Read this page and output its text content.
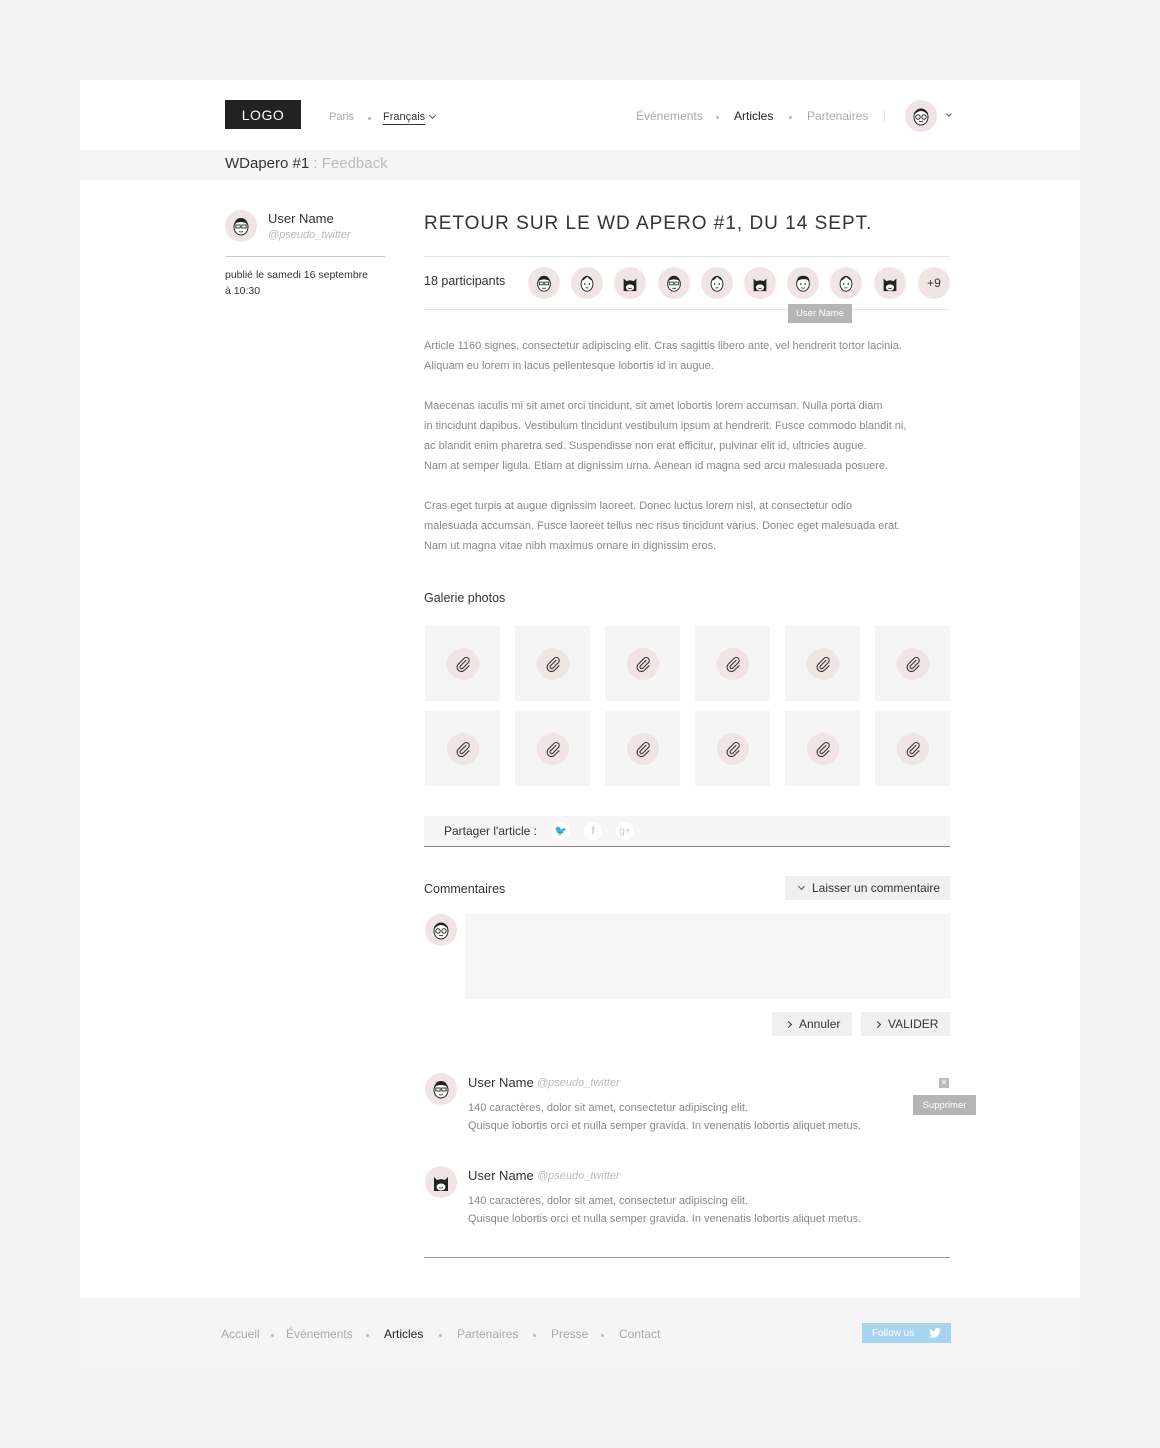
LOGO	Paris	Français	Événements	Articles	Partenaires
WDapero #1 : Feedback
User Name
@pseudo_twitter
publié le samedi 16 septembre
à 10:30
RETOUR SUR LE WD APERO #1, DU 14 SEPT.
18 participants	+9
User Name

Article 1160 signes, consectetur adipiscing elit. Cras sagittis libero ante, vel hendrerit tortor lacinia.
Aliquam eu lorem in lacus pellentesque lobortis id in augue.

Maecenas iaculis mi sit amet orci tincidunt, sit amet lobortis lorem accumsan. Nulla porta diam
in tincidunt dapibus. Vestibulum tincidunt vestibulum ipsum at hendrerit. Fusce commodo blandit ni,
ac blandit enim pharetra sed. Suspendisse non erat efficitur, pulvinar elit id, ultricies augue.
Nam at semper ligula. Etiam at dignissim urna. Aenean id magna sed arcu malesuada posuere.

Cras eget turpis at augue dignissim laoreet. Donec luctus lorem nisl, at consectetur odio
malesuada accumsan. Fusce laoreet tellus nec risus tincidunt varius. Donec eget malesuada erat.
Nam ut magna vitae nibh maximus ornare in dignissim eros.

Galerie photos
Partager l'article : 🐦	f	g+
Commentaires	Laisser un commentaire
Annuler	VALIDER
User Name @pseudo_twitter
140 caractères, dolor sit amet, consectetur adipiscing elit.
Quisque lobortis orci et nulla semper gravida. In venenatis lobortis aliquet metus.
✕
Supprimer
User Name @pseudo_twitter
140 caractères, dolor sit amet, consectetur adipiscing elit.
Quisque lobortis orci et nulla semper gravida. In venenatis lobortis aliquet metus.
Accueil Événements	Articles	Partenaires	Presse	Contact	Follow us
